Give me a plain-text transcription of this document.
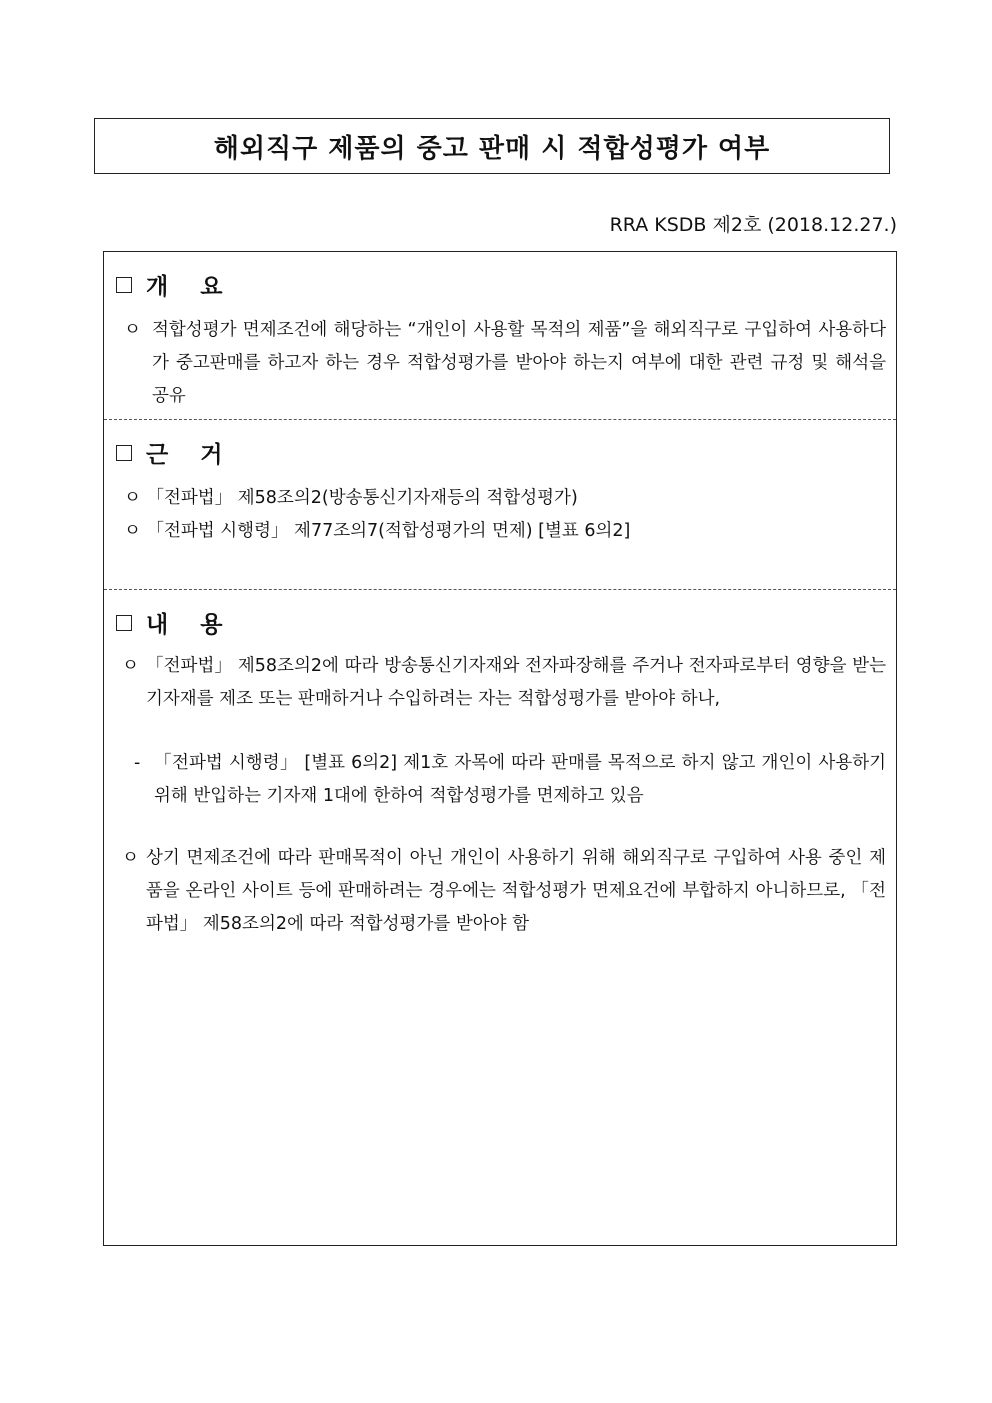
해외직구 제품의 중고 판매 시 적합성평가 여부
RRA KSDB 제2호 (2018.12.27.)
개 요
ㅇ 적합성평가 면제조건에 해당하는 “개인이 사용할 목적의 제품”을 해외직구로 구입하여 사용하다가 중고판매를 하고자 하는 경우 적합성평가를 받아야 하는지 여부에 대한 관련 규정 및 해석을 공유
근 거
ㅇ 「전파법」 제58조의2(방송통신기자재등의 적합성평가)
ㅇ 「전파법 시행령」 제77조의7(적합성평가의 면제) [별표 6의2]
내 용
ㅇ 「전파법」 제58조의2에 따라 방송통신기자재와 전자파장해를 주거나 전자파로부터 영향을 받는 기자재를 제조 또는 판매하거나 수입하려는 자는 적합성평가를 받아야 하나,
- 「전파법 시행령」 [별표 6의2] 제1호 자목에 따라 판매를 목적으로 하지 않고 개인이 사용하기 위해 반입하는 기자재 1대에 한하여 적합성평가를 면제하고 있음
ㅇ 상기 면제조건에 따라 판매목적이 아닌 개인이 사용하기 위해 해외직구로 구입하여 사용 중인 제품을 온라인 사이트 등에 판매하려는 경우에는 적합성평가 면제요건에 부합하지 아니하므로, 「전파법」 제58조의2에 따라 적합성평가를 받아야 함
